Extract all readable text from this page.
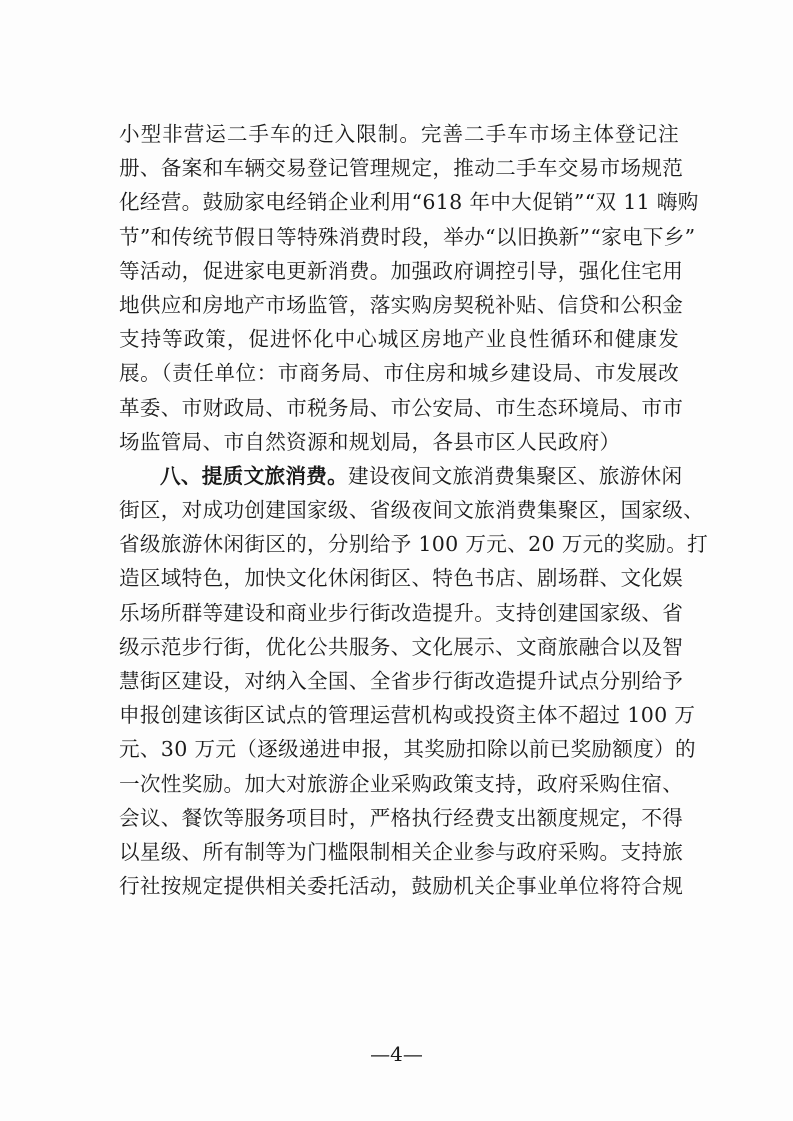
小型非营运二手车的迁入限制。完善二手车市场主体登记注
册、备案和车辆交易登记管理规定，推动二手车交易市场规范
化经营。鼓励家电经销企业利用“618 年中大促销”“双 11 嗨购
节”和传统节假日等特殊消费时段，举办“以旧换新”“家电下乡”
等活动，促进家电更新消费。加强政府调控引导，强化住宅用
地供应和房地产市场监管，落实购房契税补贴、信贷和公积金
支持等政策，促进怀化中心城区房地产业良性循环和健康发
展。（责任单位：市商务局、市住房和城乡建设局、市发展改
革委、市财政局、市税务局、市公安局、市生态环境局、市市
场监管局、市自然资源和规划局，各县市区人民政府）
八、提质文旅消费。建设夜间文旅消费集聚区、旅游休闲
街区，对成功创建国家级、省级夜间文旅消费集聚区，国家级、
省级旅游休闲街区的，分别给予 100 万元、20 万元的奖励。打
造区域特色，加快文化休闲街区、特色书店、剧场群、文化娱
乐场所群等建设和商业步行街改造提升。支持创建国家级、省
级示范步行街，优化公共服务、文化展示、文商旅融合以及智
慧街区建设，对纳入全国、全省步行街改造提升试点分别给予
申报创建该街区试点的管理运营机构或投资主体不超过 100 万
元、30 万元（逐级递进申报，其奖励扣除以前已奖励额度）的
一次性奖励。加大对旅游企业采购政策支持，政府采购住宿、
会议、餐饮等服务项目时，严格执行经费支出额度规定，不得
以星级、所有制等为门槛限制相关企业参与政府采购。支持旅
行社按规定提供相关委托活动，鼓励机关企事业单位将符合规
—4—
